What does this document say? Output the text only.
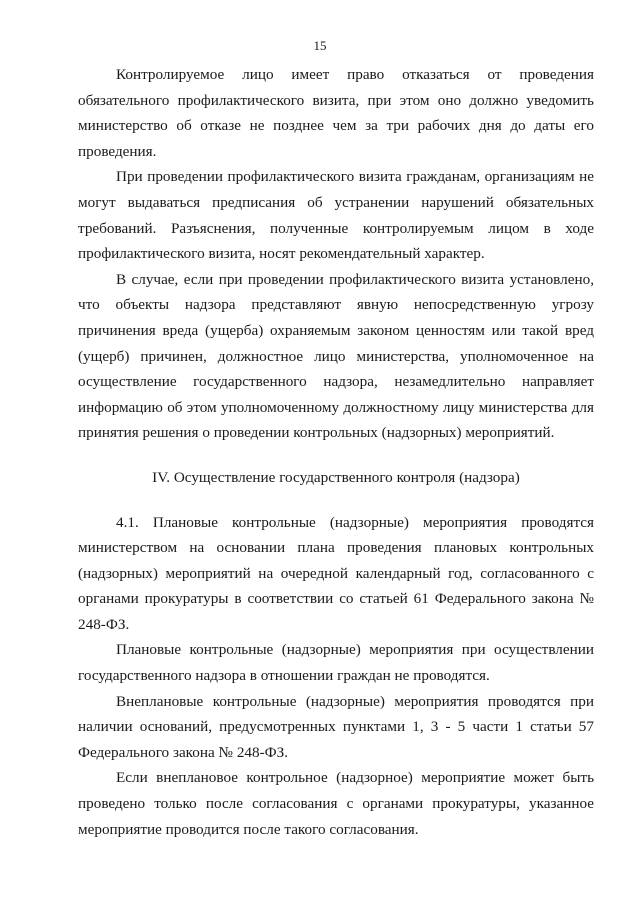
15

Контролируемое лицо имеет право отказаться от проведения обязательного профилактического визита, при этом оно должно уведомить министерство об отказе не позднее чем за три рабочих дня до даты его проведения.

При проведении профилактического визита гражданам, организациям не могут выдаваться предписания об устранении нарушений обязательных требований. Разъяснения, полученные контролируемым лицом в ходе профилактического визита, носят рекомендательный характер.

В случае, если при проведении профилактического визита установлено, что объекты надзора представляют явную непосредственную угрозу причинения вреда (ущерба) охраняемым законом ценностям или такой вред (ущерб) причинен, должностное лицо министерства, уполномоченное на осуществление государственного надзора, незамедлительно направляет информацию об этом уполномоченному должностному лицу министерства для принятия решения о проведении контрольных (надзорных) мероприятий.

IV. Осуществление государственного контроля (надзора)

4.1. Плановые контрольные (надзорные) мероприятия проводятся министерством на основании плана проведения плановых контрольных (надзорных) мероприятий на очередной календарный год, согласованного с органами прокуратуры в соответствии со статьей 61 Федерального закона № 248-ФЗ.

Плановые контрольные (надзорные) мероприятия при осуществлении государственного надзора в отношении граждан не проводятся.

Внеплановые контрольные (надзорные) мероприятия проводятся при наличии оснований, предусмотренных пунктами 1, 3 - 5 части 1 статьи 57 Федерального закона № 248-ФЗ.

Если внеплановое контрольное (надзорное) мероприятие может быть проведено только после согласования с органами прокуратуры, указанное мероприятие проводится после такого согласования.
